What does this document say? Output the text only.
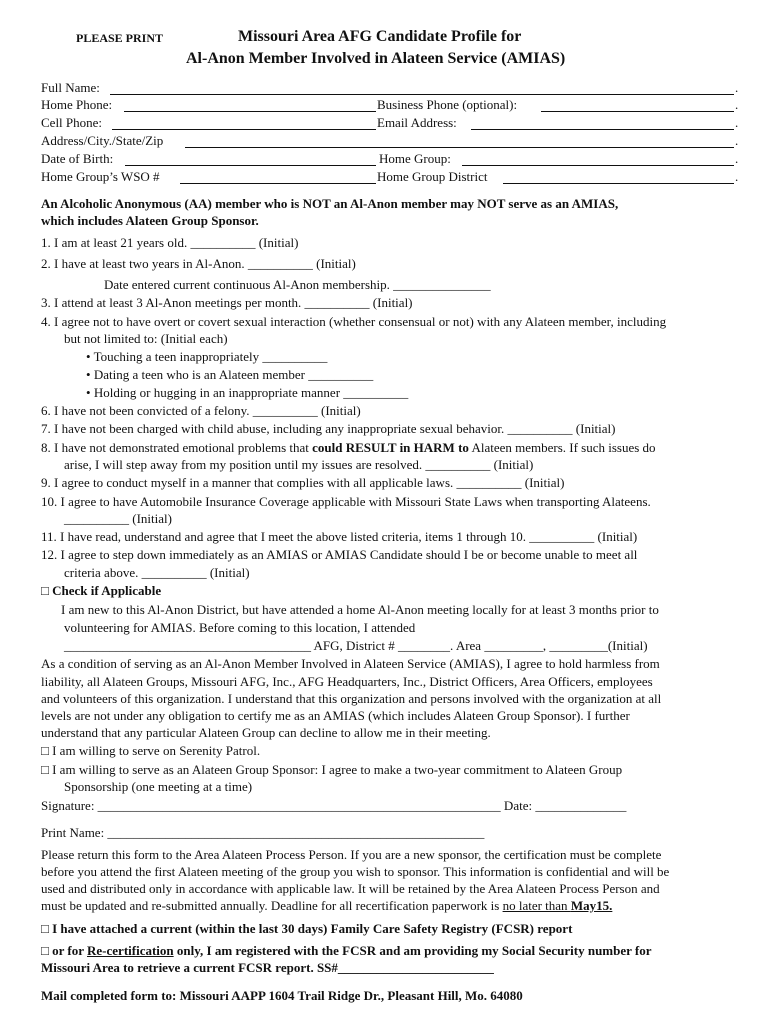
PLEASE PRINT	Missouri Area AFG Candidate Profile for
Al-Anon Member Involved in Alateen Service (AMIAS)
Full Name:	.
Home Phone:	Business Phone (optional):	.
Cell Phone:	Email Address:	.
Address/City./State/Zip	.
Date of Birth:	Home Group:	.
Home Group’s WSO #	Home Group District	.
An Alcoholic Anonymous (AA) member who is NOT an Al-Anon member may NOT serve as an AMIAS,
which includes Alateen Group Sponsor.
1. I am at least 21 years old. __________ (Initial)
2. I have at least two years in Al-Anon. __________ (Initial)
Date entered current continuous Al-Anon membership. _______________
3. I attend at least 3 Al-Anon meetings per month. __________ (Initial)
4. I agree not to have overt or covert sexual interaction (whether consensual or not) with any Alateen member, including
but not limited to: (Initial each)
• Touching a teen inappropriately __________
• Dating a teen who is an Alateen member __________
• Holding or hugging in an inappropriate manner __________
6. I have not been convicted of a felony. __________ (Initial)
7. I have not been charged with child abuse, including any inappropriate sexual behavior. __________ (Initial)
8. I have not demonstrated emotional problems that could RESULT in HARM to Alateen members. If such issues do
arise, I will step away from my position until my issues are resolved. __________ (Initial)
9. I agree to conduct myself in a manner that complies with all applicable laws. __________ (Initial)
10. I agree to have Automobile Insurance Coverage applicable with Missouri State Laws when transporting Alateens.
__________ (Initial)
11. I have read, understand and agree that I meet the above listed criteria, items 1 through 10. __________ (Initial)
12. I agree to step down immediately as an AMIAS or AMIAS Candidate should I be or become unable to meet all
criteria above. __________ (Initial)
□ Check if Applicable
I am new to this Al-Anon District, but have attended a home Al-Anon meeting locally for at least 3 months prior to
volunteering for AMIAS. Before coming to this location, I attended
______________________________________ AFG, District # ________. Area _________, _________(Initial)
As a condition of serving as an Al-Anon Member Involved in Alateen Service (AMIAS), I agree to hold harmless from
liability, all Alateen Groups, Missouri AFG, Inc., AFG Headquarters, Inc., District Officers, Area Officers, employees
and volunteers of this organization. I understand that this organization and persons involved with the organization at all
levels are not under any obligation to certify me as an AMIAS (which includes Alateen Group Sponsor). I further
understand that any particular Alateen Group can decline to allow me in their meeting.
□ I am willing to serve on Serenity Patrol.
□ I am willing to serve as an Alateen Group Sponsor: I agree to make a two-year commitment to Alateen Group
Sponsorship (one meeting at a time)
Signature: ______________________________________________________________ Date: ______________
Print Name: __________________________________________________________
Please return this form to the Area Alateen Process Person. If you are a new sponsor, the certification must be complete
before you attend the first Alateen meeting of the group you wish to sponsor. This information is confidential and will be
used and distributed only in accordance with applicable law. It will be retained by the Area Alateen Process Person and
must be updated and re-submitted annually. Deadline for all recertification paperwork is no later than May15.
□ I have attached a current (within the last 30 days) Family Care Safety Registry (FCSR) report
□ or for Re-certification only, I am registered with the FCSR and am providing my Social Security number for
Missouri Area to retrieve a current FCSR report. SS#________________________
Mail completed form to: Missouri AAPP 1604 Trail Ridge Dr., Pleasant Hill, Mo. 64080
